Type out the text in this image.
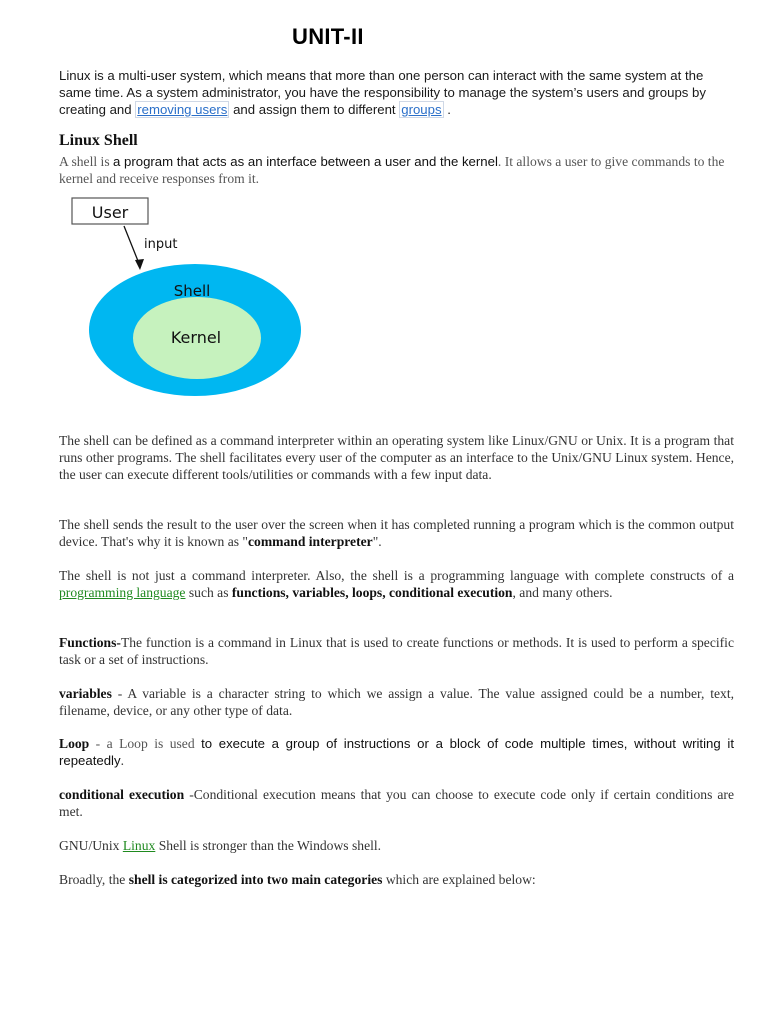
UNIT-II
Linux is a multi-user system, which means that more than one person can interact with the same system at the same time. As a system administrator, you have the responsibility to manage the system’s users and groups by creating and removing users and assign them to different groups .
Linux Shell
A shell is a program that acts as an interface between a user and the kernel. It allows a user to give commands to the kernel and receive responses from it.
User
input
Shell
Kernel
The shell can be defined as a command interpreter within an operating system like Linux/GNU or Unix. It is a program that runs other programs. The shell facilitates every user of the computer as an interface to the Unix/GNU Linux system. Hence, the user can execute different tools/utilities or commands with a few input data.
The shell sends the result to the user over the screen when it has completed running a program which is the common output device. That's why it is known as "command interpreter".
The shell is not just a command interpreter. Also, the shell is a programming language with complete constructs of a programming language such as functions, variables, loops, conditional execution, and many others.
Functions-The function is a command in Linux that is used to create functions or methods. It is used to perform a specific task or a set of instructions.
variables - A variable is a character string to which we assign a value. The value assigned could be a number, text, filename, device, or any other type of data.
Loop - a Loop is used to execute a group of instructions or a block of code multiple times, without writing it repeatedly.
conditional execution -Conditional execution means that you can choose to execute code only if certain conditions are met.
GNU/Unix Linux Shell is stronger than the Windows shell.
Broadly, the shell is categorized into two main categories which are explained below:
